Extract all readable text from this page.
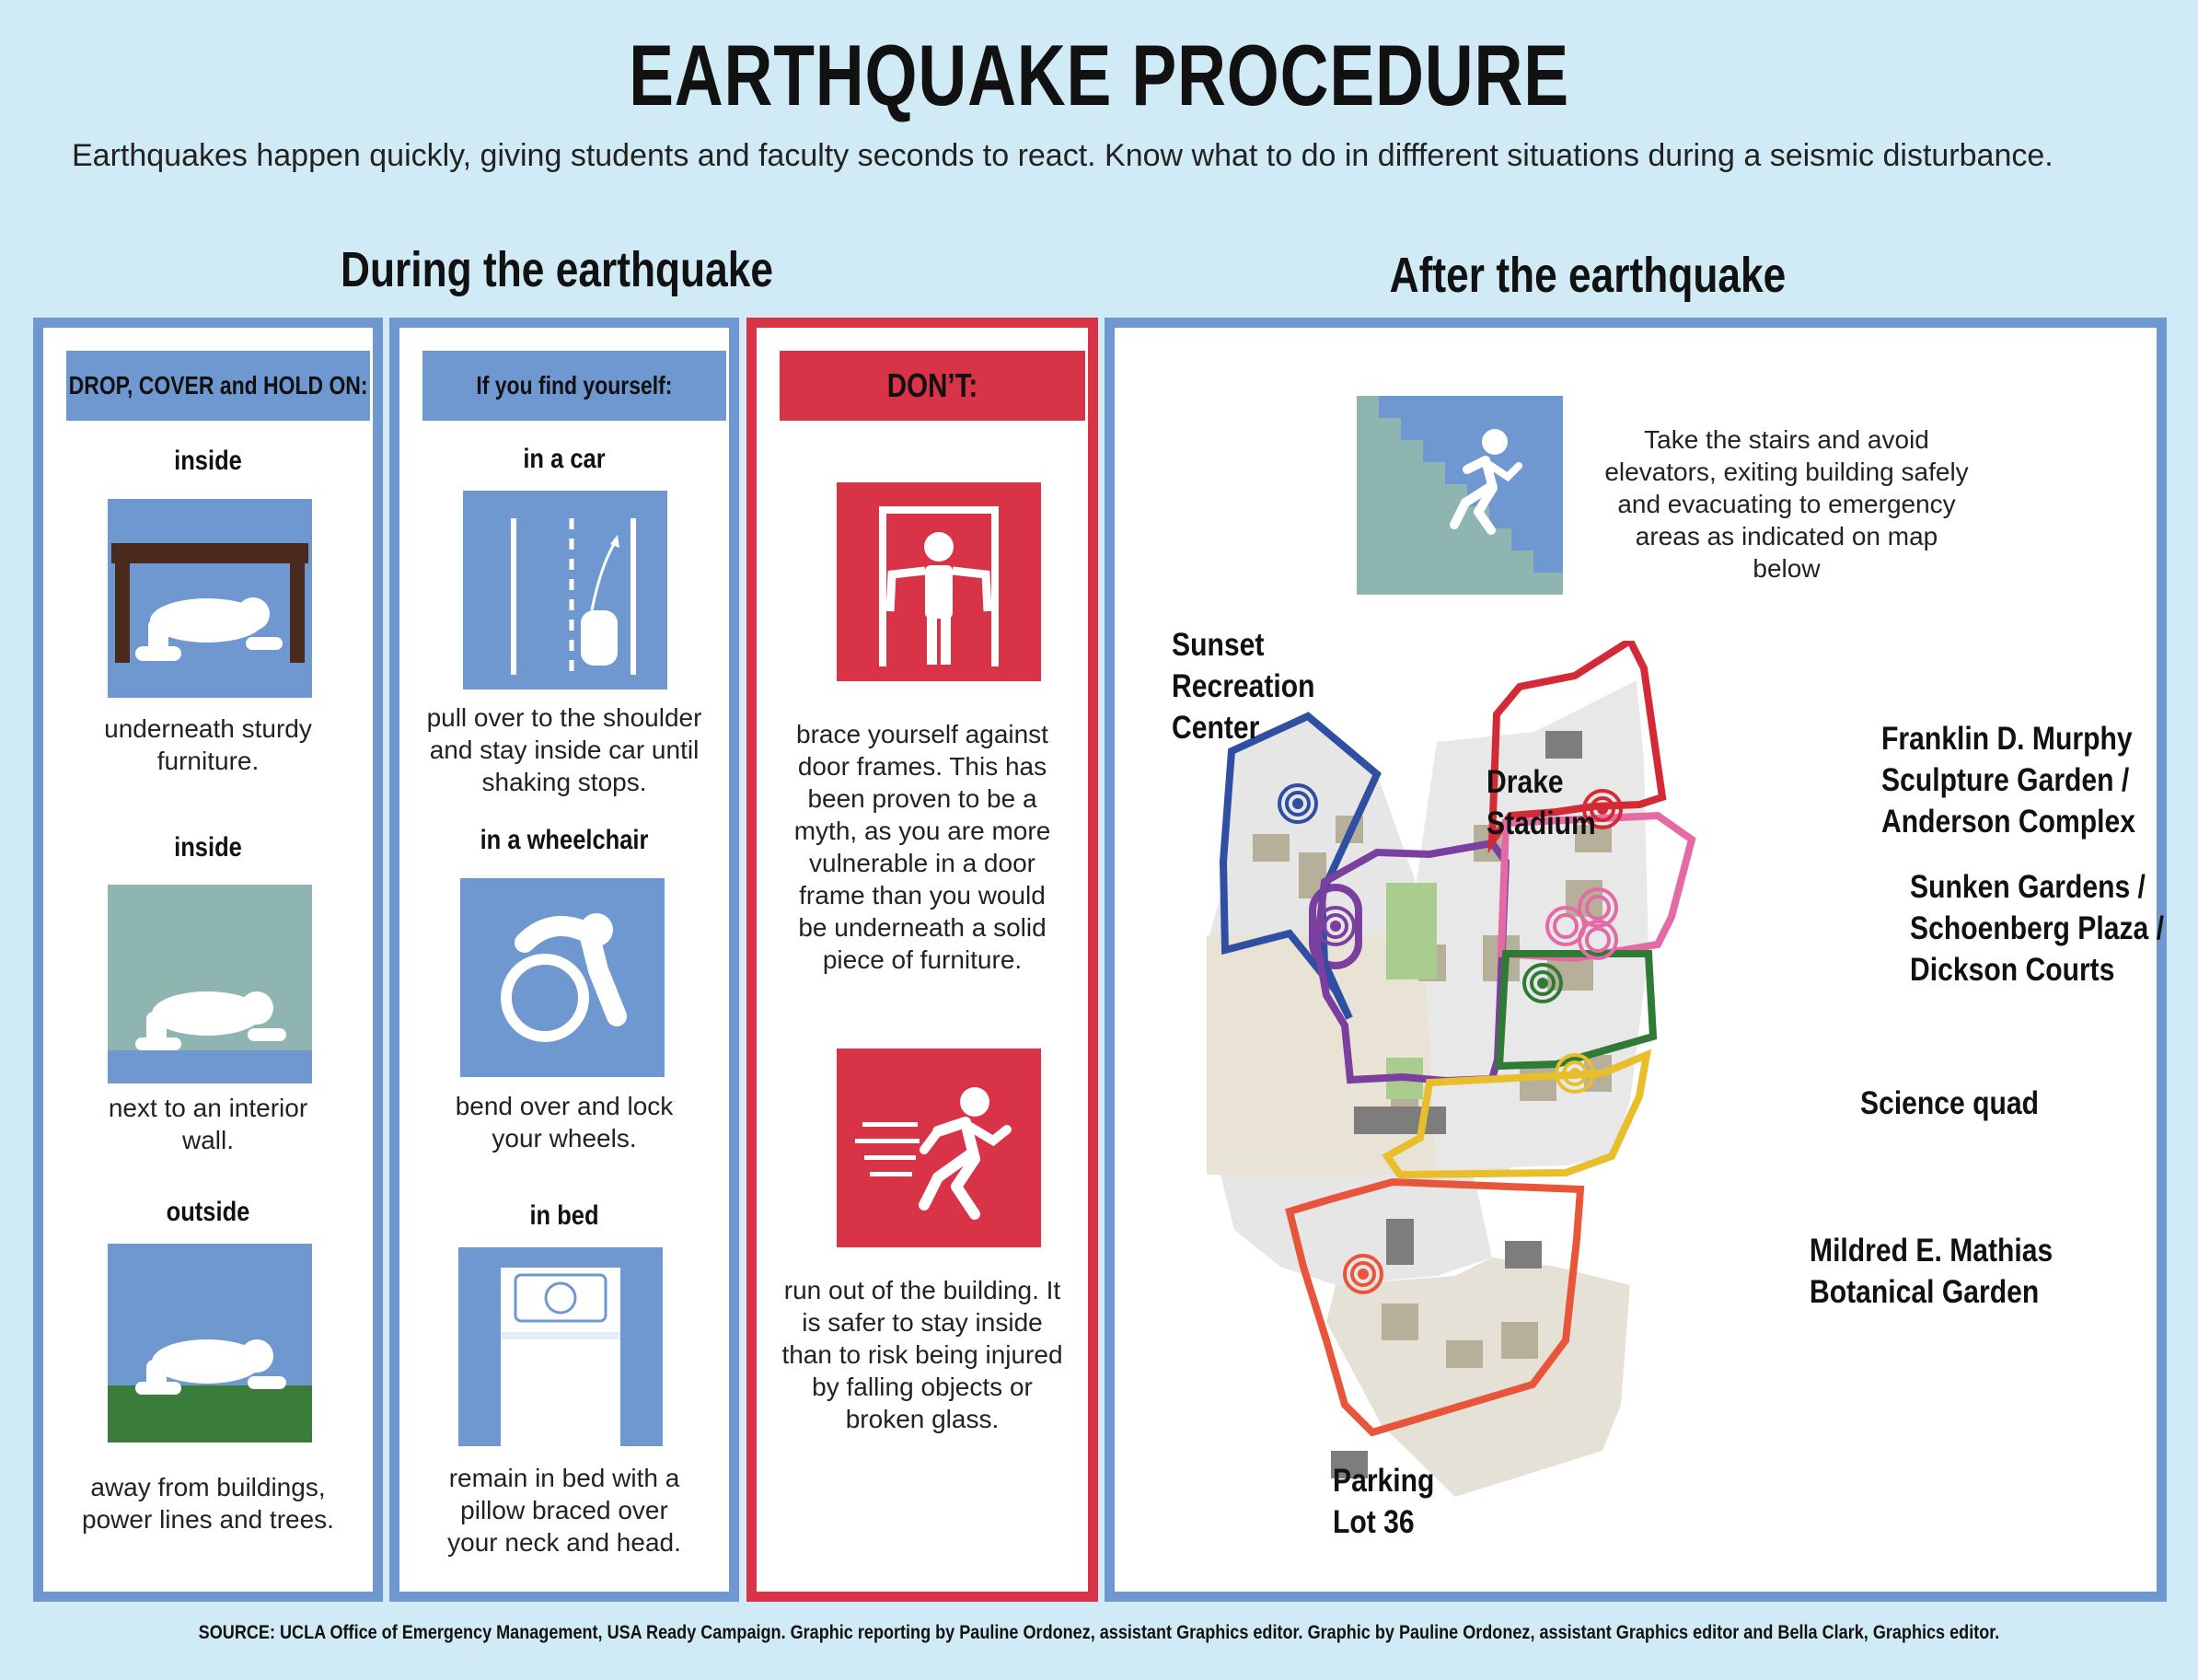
EARTHQUAKE PROCEDURE
Earthquakes happen quickly, giving students and faculty seconds to react. Know what to do in diffferent situations during a seismic disturbance.
During the earthquake	After the earthquake
DROP, COVER and HOLD ON:
inside
underneath sturdy
furniture.
inside
next to an interior
wall.
outside
away from buildings,
power lines and trees.
If you find yourself:
in a car
pull over to the shoulder
and stay inside car until
shaking stops.
in a wheelchair
bend over and lock
your wheels.
in bed
remain in bed with a
pillow braced over
your neck and head.
DON’T:
brace yourself against
door frames. This has
been proven to be a
myth, as you are more
vulnerable in a door
frame than you would
be underneath a solid
piece of furniture.
run out of the building. It
is safer to stay inside
than to risk being injured
by falling objects or
broken glass.
Take the stairs and avoid
elevators, exiting building safely
and evacuating to emergency
areas as indicated on map
below
Sunset
Recreation
Center
Drake
Stadium
Franklin D. Murphy
Sculpture Garden /
Anderson Complex
Sunken Gardens /
Schoenberg Plaza /
Dickson Courts
Science quad
Mildred E. Mathias
Botanical Garden
Parking
Lot 36
SOURCE: UCLA Office of Emergency Management, USA Ready Campaign. Graphic reporting by Pauline Ordonez, assistant Graphics editor. Graphic by Pauline Ordonez, assistant Graphics editor and Bella Clark, Graphics editor.
